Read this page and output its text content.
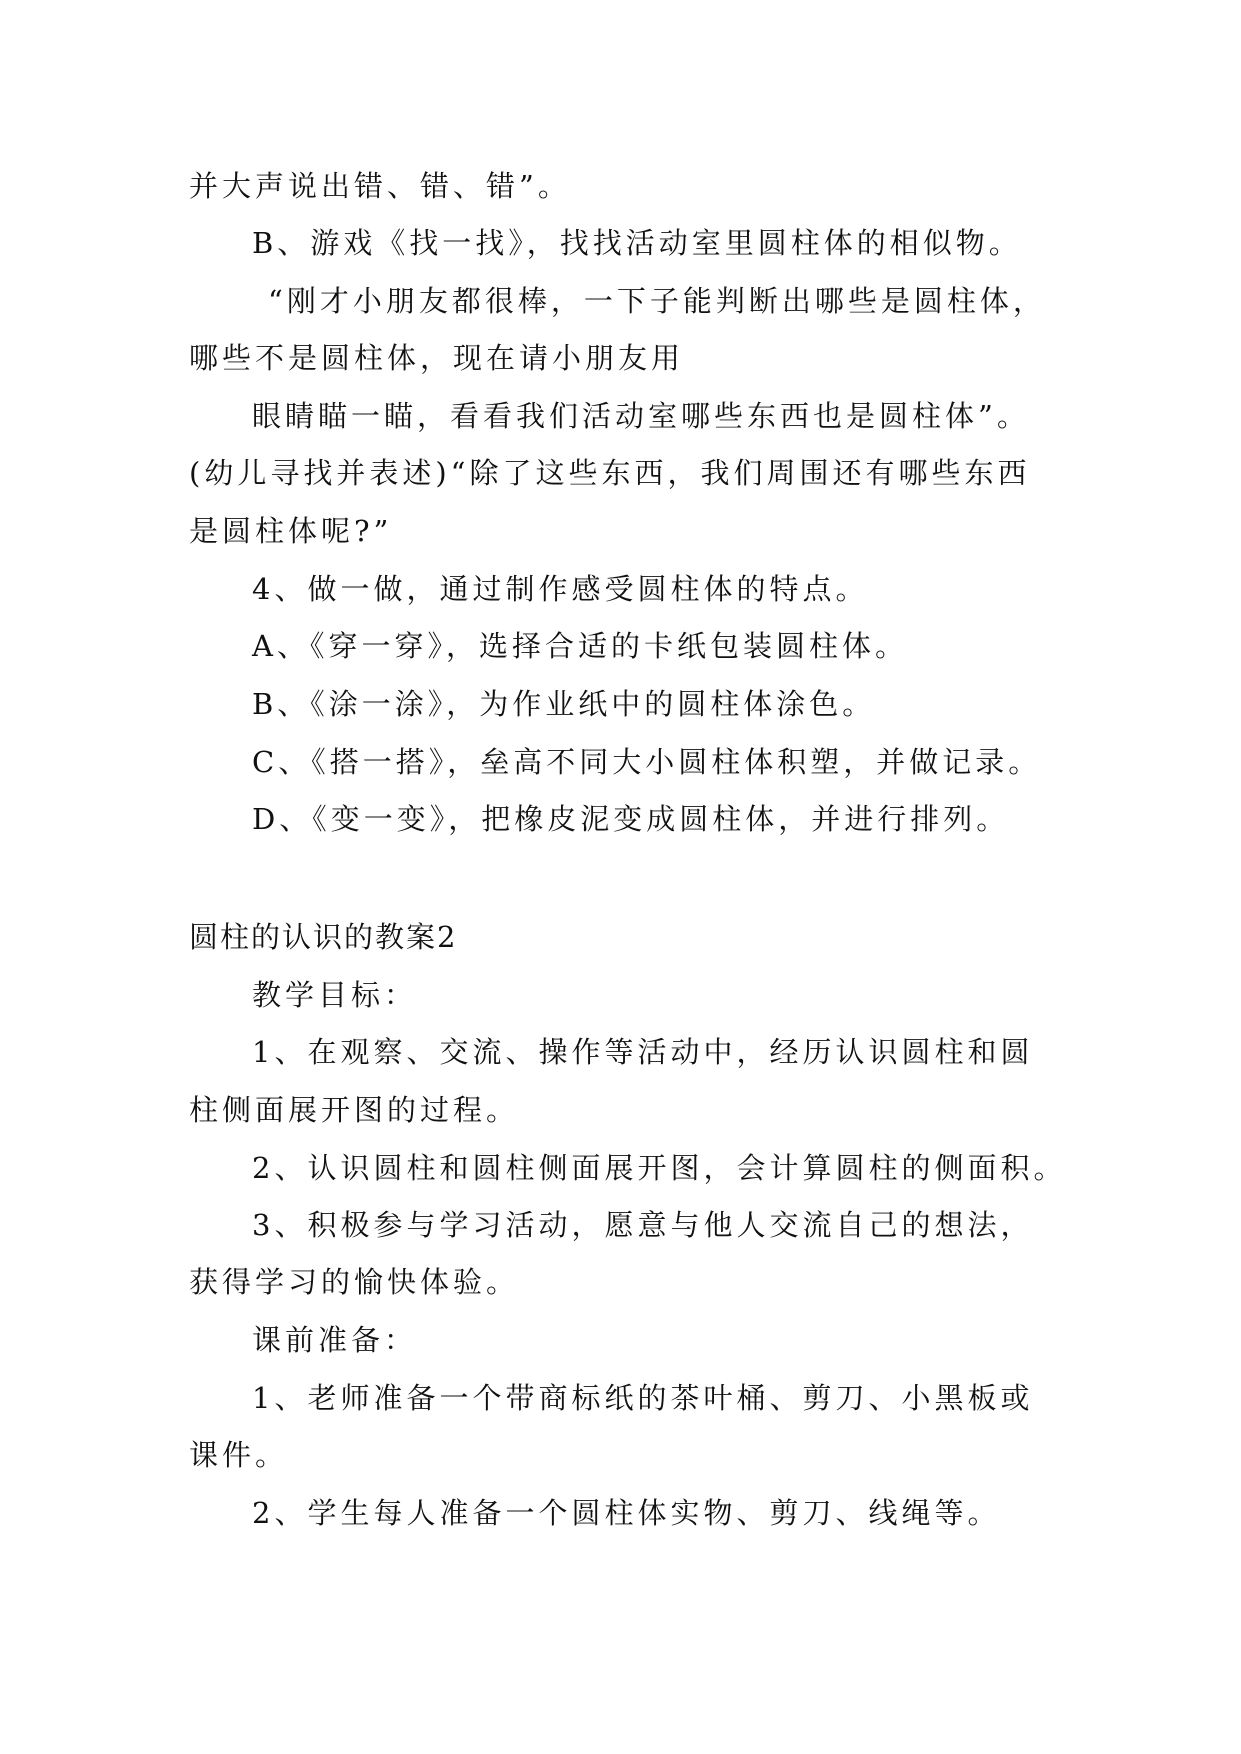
并大声说出错、错、错”。
B、游戏《找一找》，找找活动室里圆柱体的相似物。
“刚才小朋友都很棒，一下子能判断出哪些是圆柱体，
哪些不是圆柱体，现在请小朋友用
眼睛瞄一瞄，看看我们活动室哪些东西也是圆柱体”。
(幼儿寻找并表述)“除了这些东西，我们周围还有哪些东西
是圆柱体呢?”
4、做一做，通过制作感受圆柱体的特点。
A、《穿一穿》，选择合适的卡纸包装圆柱体。
B、《涂一涂》，为作业纸中的圆柱体涂色。
C、《搭一搭》，垒高不同大小圆柱体积塑，并做记录。
D、《变一变》，把橡皮泥变成圆柱体，并进行排列。
圆柱的认识的教案2
教学目标：
1、在观察、交流、操作等活动中，经历认识圆柱和圆
柱侧面展开图的过程。
2、认识圆柱和圆柱侧面展开图，会计算圆柱的侧面积。
3、积极参与学习活动，愿意与他人交流自己的想法，
获得学习的愉快体验。
课前准备：
1、老师准备一个带商标纸的茶叶桶、剪刀、小黑板或
课件。
2、学生每人准备一个圆柱体实物、剪刀、线绳等。
